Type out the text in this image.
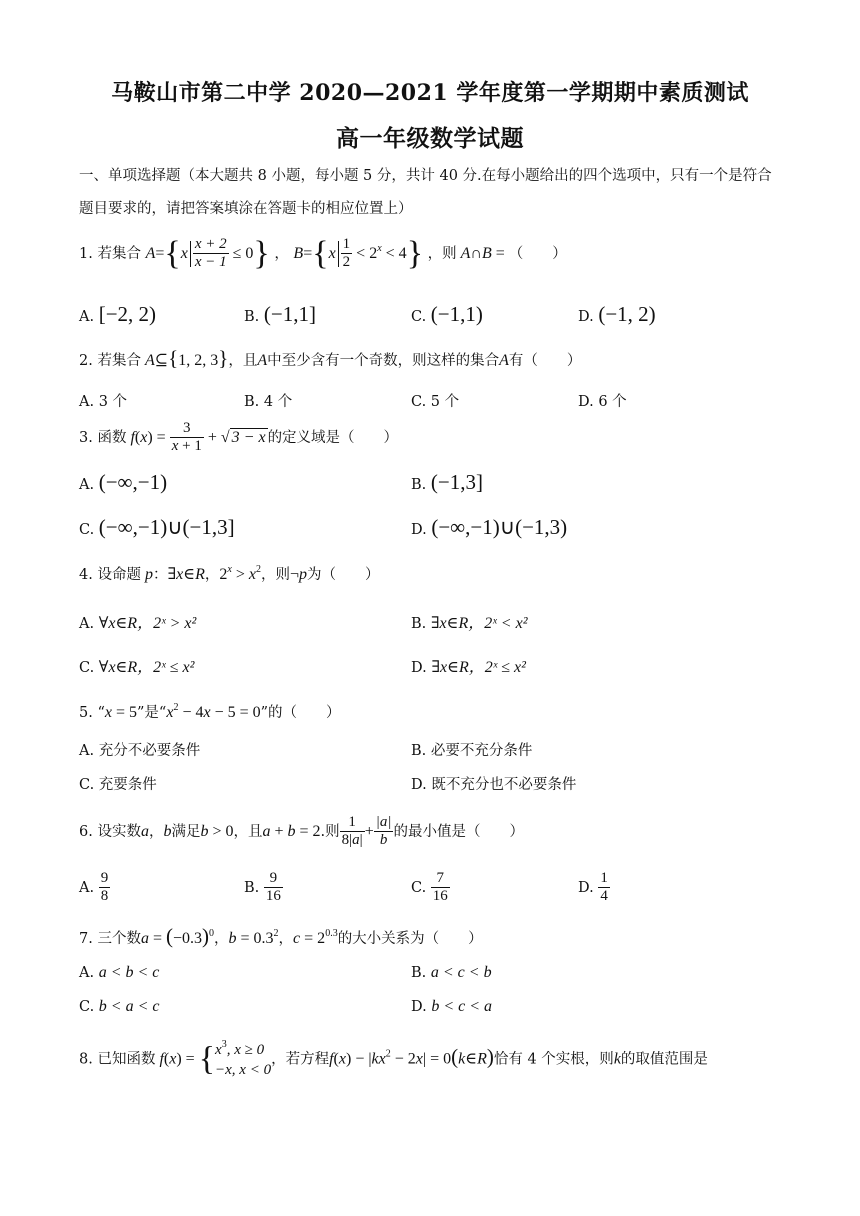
马鞍山市第二中学 2020—2021 学年度第一学期期中素质测试
高一年级数学试题
一、单项选择题（本大题共 8 小题，每小题 5 分，共计 40 分.在每小题给出的四个选项中，只有一个是符合
题目要求的，请把答案填涂在答题卡的相应位置上）
1. 若集合 $A=\{x \frac{x + 2}{x - 1} \le 0\}$ ， $B=\{x \frac{1}{2} < 2^x < 4\}$ ，则 A∩B = （　　）
A. [−2, 2)	B. (−1,1]	C. (−1,1)	D. (−1, 2)
2. 若集合 A⊆{1, 2, 3}，且A中至少含有一个奇数，则这样的集合A有（　　）
A. 3 个	B. 4 个	C. 5 个	D. 6 个
3. 函数 $f(x) = \frac{3}{x + 1}$ + √ 3 − x 的定义域是（　　）
A. (−∞,−1)	B. (−1,3]
C. (−∞,−1)∪(−1,3]	D. (−∞,−1)∪(−1,3)
4. 设命题 p：∃x∈R，$2^x > x^2$，则¬p为（　　）
A. ∀x∈R，2ˣ > x²	B. ∃x∈R，2ˣ < x²
C. ∀x∈R，2ˣ ≤ x²	D. ∃x∈R，2ˣ ≤ x²
5. “x = 5”是“$x^2 - 4x - 5 = 0$”的（　　）
A. 充分不必要条件	B. 必要不充分条件
C. 充要条件	D. 既不充分也不必要条件
6. 设实数a，b满足b > 0，且a + b = 2.则 $\frac{1}{8|a|} + \frac{|a|}{b}$ 的最小值是（　　）
A. $\frac{9}{8}$	B. $\frac{9}{16}$	C. $\frac{7}{16}$	D. $\frac{1}{4}$
7. 三个数$a = (-0.3)^0$，$b = 0.3^2$，$c = 2^{0.3}$的大小关系为（　　）
A. a < b < c	B. a < c < b
C. b < a < c	D. b < c < a
8. 已知函数 f(x) = { $x^3$, x ≥ 0
−x, x < 0
，若方程$f(x) - |kx^2 - 2x|$ = 0(k∈R)恰有 4 个实根，则k的取值范围是
